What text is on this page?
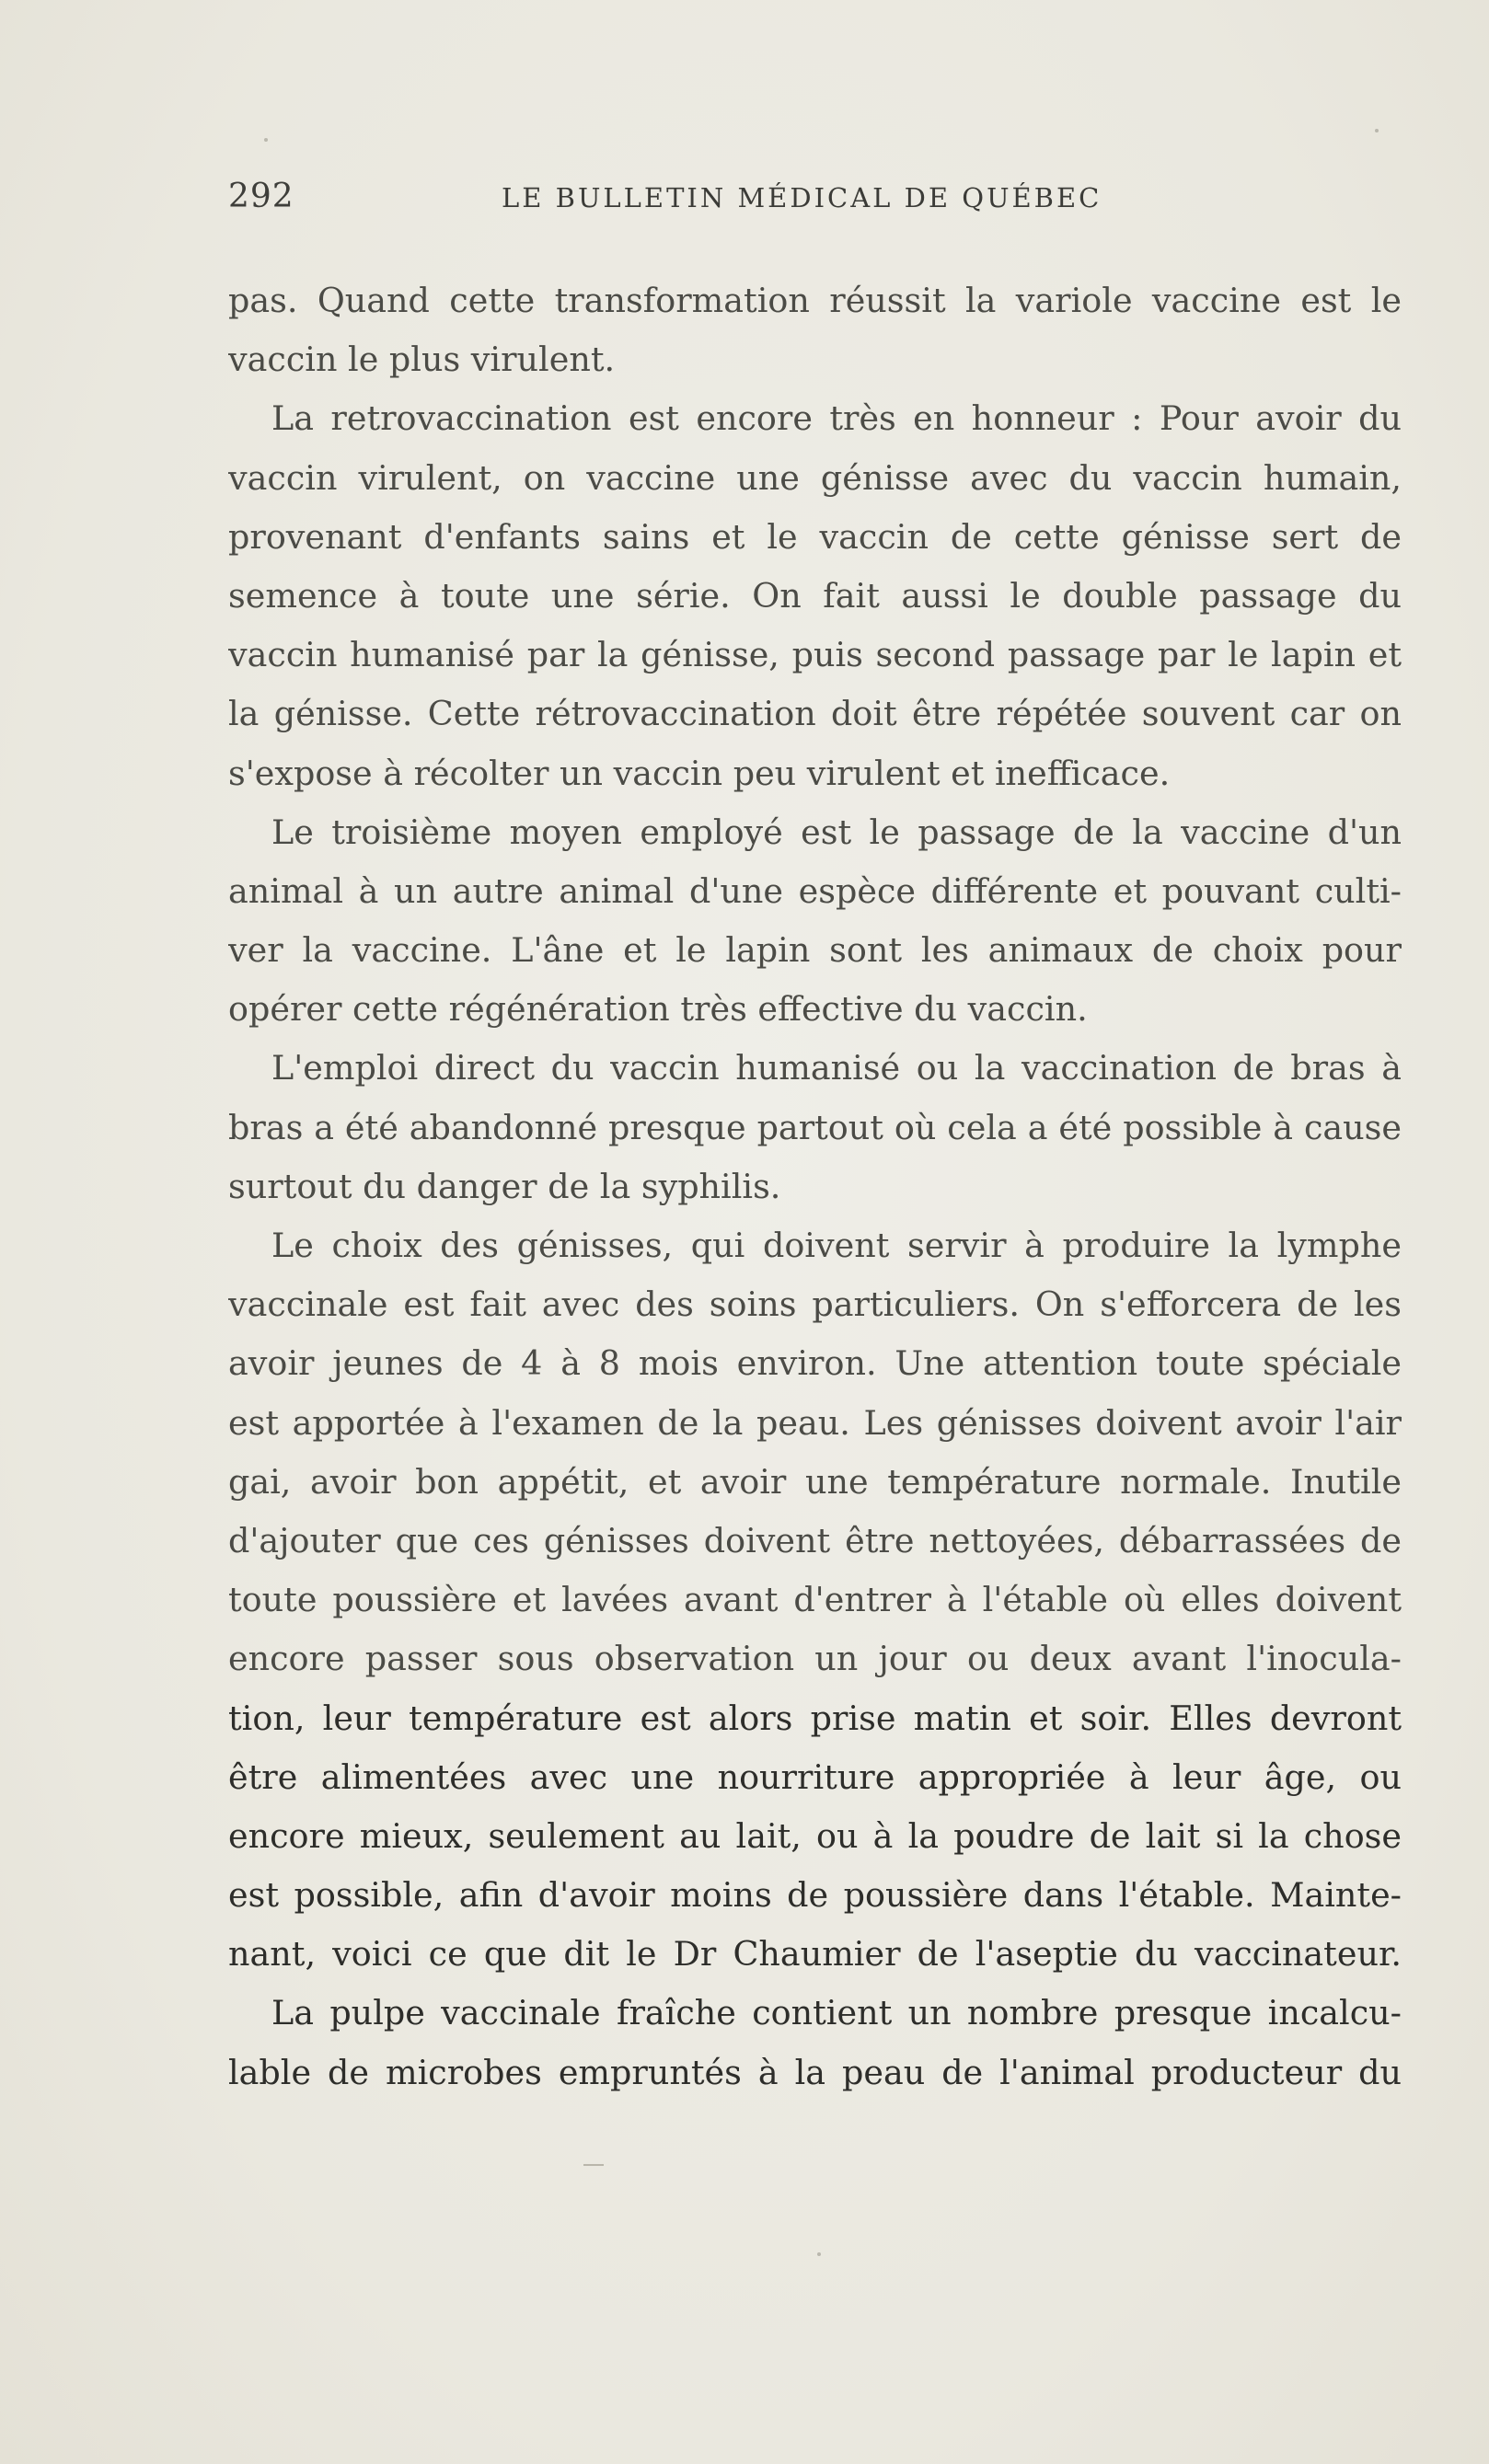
292	LE BULLETIN MÉDICAL DE QUÉBEC
pas. Quand cette transformation réussit la variole vaccine est le
vaccin le plus virulent.
La retrovaccination est encore très en honneur : Pour avoir du
vaccin virulent, on vaccine une génisse avec du vaccin humain,
provenant d'enfants sains et le vaccin de cette génisse sert de
semence à toute une série. On fait aussi le double passage du
vaccin humanisé par la génisse, puis second passage par le lapin et
la génisse. Cette rétrovaccination doit être répétée souvent car on
s'expose à récolter un vaccin peu virulent et inefficace.
Le troisième moyen employé est le passage de la vaccine d'un
animal à un autre animal d'une espèce différente et pouvant culti-
ver la vaccine. L'âne et le lapin sont les animaux de choix pour
opérer cette régénération très effective du vaccin.
L'emploi direct du vaccin humanisé ou la vaccination de bras à
bras a été abandonné presque partout où cela a été possible à cause
surtout du danger de la syphilis.
Le choix des génisses, qui doivent servir à produire la lymphe
vaccinale est fait avec des soins particuliers. On s'efforcera de les
avoir jeunes de 4 à 8 mois environ. Une attention toute spéciale
est apportée à l'examen de la peau. Les génisses doivent avoir l'air
gai, avoir bon appétit, et avoir une température normale. Inutile
d'ajouter que ces génisses doivent être nettoyées, débarrassées de
toute poussière et lavées avant d'entrer à l'étable où elles doivent
encore passer sous observation un jour ou deux avant l'inocula-
tion, leur température est alors prise matin et soir. Elles devront
être alimentées avec une nourriture appropriée à leur âge, ou
encore mieux, seulement au lait, ou à la poudre de lait si la chose
est possible, afin d'avoir moins de poussière dans l'étable. Mainte-
nant, voici ce que dit le Dr Chaumier de l'aseptie du vaccinateur.
La pulpe vaccinale fraîche contient un nombre presque incalcu-
lable de microbes empruntés à la peau de l'animal producteur du
